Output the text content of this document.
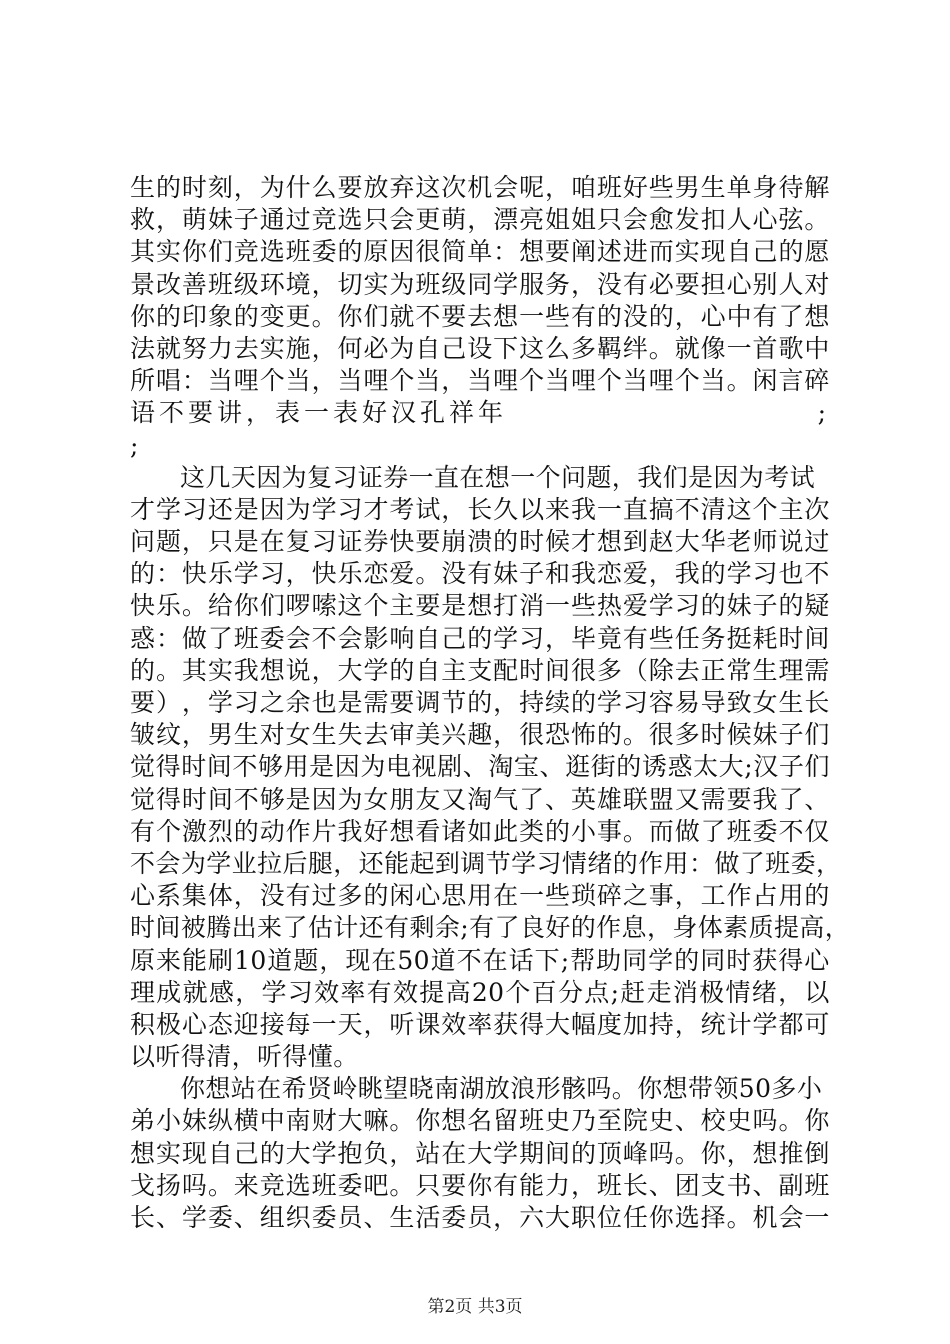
生 的 时 刻 ， 为 什 么 要 放 弃 这 次 机 会 呢 ， 咱 班 好 些 男 生 单 身 待 解
救 ， 萌 妹 子 通 过 竞 选 只 会 更 萌 ， 漂 亮 姐 姐 只 会 愈 发 扣 人 心 弦 。
其 实 你 们 竞 选 班 委 的 原 因 很 简 单 ： 想 要 阐 述 进 而 实 现 自 己 的 愿
景 改 善 班 级 环 境 ， 切 实 为 班 级 同 学 服 务 ， 没 有 必 要 担 心 别 人 对
你 的 印 象 的 变 更 。 你 们 就 不 要 去 想 一 些 有 的 没 的 ， 心 中 有 了 想
法 就 努 力 去 实 施 ， 何 必 为 自 己 设 下 这 么 多 羁 绊 。 就 像 一 首 歌 中
所 唱 ： 当 哩 个 当 ， 当 哩 个 当 ， 当 哩 个 当 哩 个 当 哩 个 当 。 闲 言 碎
语不要讲，表一表好汉孔祥年	;
;
这几天因为复习证券一直在想一个问题，我们是因为考试
才 学 习 还 是 因 为 学 习 才 考 试 ， 长 久 以 来 我 一 直 搞 不 清 这 个 主 次
问 题 ， 只 是 在 复 习 证 券 快 要 崩 溃 的 时 候 才 想 到 赵 大 华 老 师 说 过
的 ： 快 乐 学 习 ， 快 乐 恋 爱 。 没 有 妹 子 和 我 恋 爱 ， 我 的 学 习 也 不
快 乐 。 给 你 们 啰 嗦 这 个 主 要 是 想 打 消 一 些 热 爱 学 习 的 妹 子 的 疑
惑 ： 做 了 班 委 会 不 会 影 响 自 己 的 学 习 ， 毕 竟 有 些 任 务 挺 耗 时 间
的 。 其 实 我 想 说 ， 大 学 的 自 主 支 配 时 间 很 多 （ 除 去 正 常 生 理 需
要 ） ， 学 习 之 余 也 是 需 要 调 节 的 ， 持 续 的 学 习 容 易 导 致 女 生 长
皱 纹 ， 男 生 对 女 生 失 去 审 美 兴 趣 ， 很 恐 怖 的 。 很 多 时 候 妹 子 们
觉 得 时 间 不 够 用 是 因 为 电 视 剧 、 淘 宝 、 逛 街 的 诱 惑 太 大 ; 汉 子 们
觉 得 时 间 不 够 是 因 为 女 朋 友 又 淘 气 了 、 英 雄 联 盟 又 需 要 我 了 、
有 个 激 烈 的 动 作 片 我 好 想 看 诸 如 此 类 的 小 事 。 而 做 了 班 委 不 仅
不 会 为 学 业 拉 后 腿 ， 还 能 起 到 调 节 学 习 情 绪 的 作 用 ： 做 了 班 委 ，
心 系 集 体 ， 没 有 过 多 的 闲 心 思 用 在 一 些 琐 碎 之 事 ， 工 作 占 用 的
时 间 被 腾 出 来 了 估 计 还 有 剩 余 ; 有 了 良 好 的 作 息 ， 身 体 素 质 提 高 ，
原 来 能 刷 10 道 题 ， 现 在 50 道 不 在 话 下 ; 帮 助 同 学 的 同 时 获 得 心
理 成 就 感 ， 学 习 效 率 有 效 提 高 20 个 百 分 点 ; 赶 走 消 极 情 绪 ， 以
积 极 心 态 迎 接 每 一 天 ， 听 课 效 率 获 得 大 幅 度 加 持 ， 统 计 学 都 可
以听得清，听得懂。
你想站在希贤岭眺望晓南湖放浪形骸吗。你想带领50多小
弟 小 妹 纵 横 中 南 财 大 嘛 。 你 想 名 留 班 史 乃 至 院 史 、 校 史 吗 。 你
想 实 现 自 己 的 大 学 抱 负 ， 站 在 大 学 期 间 的 顶 峰 吗 。 你 ， 想 推 倒
戈 扬 吗 。 来 竞 选 班 委 吧 。 只 要 你 有 能 力 ， 班 长 、 团 支 书 、 副 班
长 、 学 委 、 组 织 委 员 、 生 活 委 员 ， 六 大 职 位 任 你 选 择 。 机 会 一
第2页 共3页
